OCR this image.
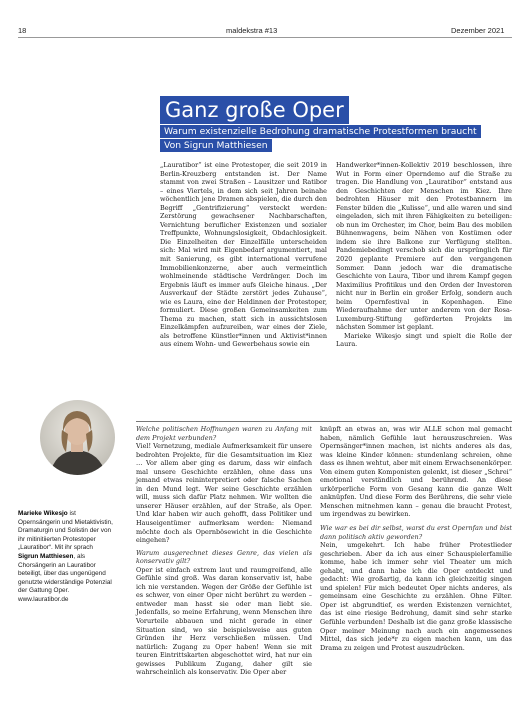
18	maldekstra #13	Dezember 2021
Ganz große Oper
Warum existenzielle Bedrohung dramatische Protestformen braucht
Von Sigrun Matthiesen

„Lauratibor“ ist eine Protestoper, die seit 2019 in Berlin-Kreuzberg entstanden ist. Der Name stammt von zwei Straßen – Lausitzer und Ratibor – eines Viertels, in dem sich seit Jahren beinahe wöchentlich jene Dramen abspielen, die durch den Begriff „Gentrifizierung“ versteckt werden: Zerstörung gewachsener Nachbarschaften, Vernichtung beruflicher Existenzen und sozialer Treffpunkte, Wohnungslosigkeit, Obdachlosigkeit. Die Einzelheiten der Einzelfälle unterscheiden sich: Mal wird mit Eigenbedarf argumentiert, mal mit Sanierung, es gibt international verrufene Immobilienkonzerne, aber auch vermeintlich wohlmeinende städtische Verdränger. Doch im Ergebnis läuft es immer aufs Gleiche hinaus. „Der Ausverkauf der Städte zerstört jedes Zuhause“, wie es Laura, eine der Heldinnen der Protestoper, formuliert. Diese großen Gemeinsamkeiten zum Thema zu machen, statt sich in aussichtslosen Einzelkämpfen aufzureiben, war eines der Ziele, als betroffene Künstler*innen und Aktivist*innen aus einem Wohn- und Gewerbehaus sowie ein

Handwerker*innen-Kollektiv 2019 beschlossen, ihre Wut in Form einer Operndemo auf die Straße zu tragen. Die Handlung von „Lauratibor“ entstand aus den Geschichten der Menschen im Kiez. Ihre bedrohten Häuser mit den Protestbannern im Fenster bilden die „Kulisse“, und alle waren und sind eingeladen, sich mit ihren Fähigkeiten zu beteiligen: ob nun im Orchester, im Chor, beim Bau des mobilen Bühnenwagens, beim Nähen von Kostümen oder indem sie ihre Balkone zur Verfügung stellten. Pandemiebedingt verschob sich die ursprünglich für 2020 geplante Premiere auf den vergangenen Sommer. Dann jedoch war die dramatische Geschichte von Laura, Tibor und ihrem Kampf gegen Maximilius Profitikus und den Orden der Investoren nicht nur in Berlin ein großer Erfolg, sondern auch beim Opernfestival in Kopenhagen. Eine Wiederaufnahme der unter anderem von der Rosa-Luxemburg-Stiftung geförderten Projekts im nächsten Sommer ist geplant.

Marieke Wikesjo singt und spielt die Rolle der Laura.

Marieke Wikesjo ist Opernsängerin und Mietaktivistin, Dramaturgin und Solistin der von ihr mitinitiierten Protestoper „Lauratibor“. Mit ihr sprach Sigrun Matthiesen, als Chorsängerin an Lauratibor beteiligt, über das ungenügend genutzte widerständige Potenzial der Gattung Oper.
www.lauratibor.de

Welche politischen Hoffnungen waren zu Anfang mit dem Projekt verbunden?

Viel! Vernetzung, mediale Aufmerksamkeit für unsere bedrohten Projekte, für die Gesamtsituation im Kiez … Vor allem aber ging es darum, dass wir einfach mal unsere Geschichte erzählen, ohne dass uns jemand etwas reininterpretiert oder falsche Sachen in den Mund legt. Wer seine Geschichte erzählen will, muss sich dafür Platz nehmen. Wir wollten die unserer Häuser erzählen, auf der Straße, als Oper. Und klar haben wir auch gehofft, dass Politiker und Hauseigentümer aufmerksam werden: Niemand möchte doch als Opernbösewicht in die Geschichte eingehen?

Warum ausgerechnet dieses Genre, das vielen als konservativ gilt?

Oper ist einfach extrem laut und raumgreifend, alle Gefühle sind groß. Was daran konservativ ist, habe ich nie verstanden. Wegen der Größe der Gefühle ist es schwer, von einer Oper nicht berührt zu werden – entweder man hasst sie oder man liebt sie. Jedenfalls, so meine Erfahrung, wenn Menschen ihre Vorurteile abbauen und nicht gerade in einer Situation sind, wo sie beispielsweise aus guten Gründen ihr Herz verschließen müssen. Und natürlich: Zugang zu Oper haben! Wenn sie mit teuren Eintrittskarten abgeschottet wird, hat nur ein gewisses Publikum Zugang, daher gilt sie wahrscheinlich als konservativ. Die Oper aber

knüpft an etwas an, was wir ALLE schon mal gemacht haben, nämlich Gefühle laut herauszuschreien. Was Opernsänger*innen machen, ist nichts anderes als das, was kleine Kinder können: stundenlang schreien, ohne dass es ihnen wehtut, aber mit einem Erwachsenenkörper. Von einem guten Komponisten gelenkt, ist dieser „Schrei“ emotional verständlich und berührend. An diese urkörperliche Form von Gesang kann die ganze Welt anknüpfen. Und diese Form des Berührens, die sehr viele Menschen mitnehmen kann – genau die braucht Protest, um irgendwas zu bewirken.

Wie war es bei dir selbst, warst du erst Opernfan und bist dann politisch aktiv geworden?

Nein, umgekehrt. Ich habe früher Protestlieder geschrieben. Aber da ich aus einer Schauspielerfamilie komme, habe ich immer sehr viel Theater um mich gehabt, und dann habe ich die Oper entdeckt und gedacht: Wie großartig, da kann ich gleichzeitig singen und spielen! Für mich bedeutet Oper nichts anderes, als gemeinsam eine Geschichte zu erzählen. Ohne Filter. Oper ist abgrundtief, es werden Existenzen vernichtet, das ist eine riesige Bedrohung, damit sind sehr starke Gefühle verbunden! Deshalb ist die ganz große klassische Oper meiner Meinung nach auch ein angemessenes Mittel, das sich jede*r zu eigen machen kann, um das Drama zu zeigen und Protest auszudrücken.
